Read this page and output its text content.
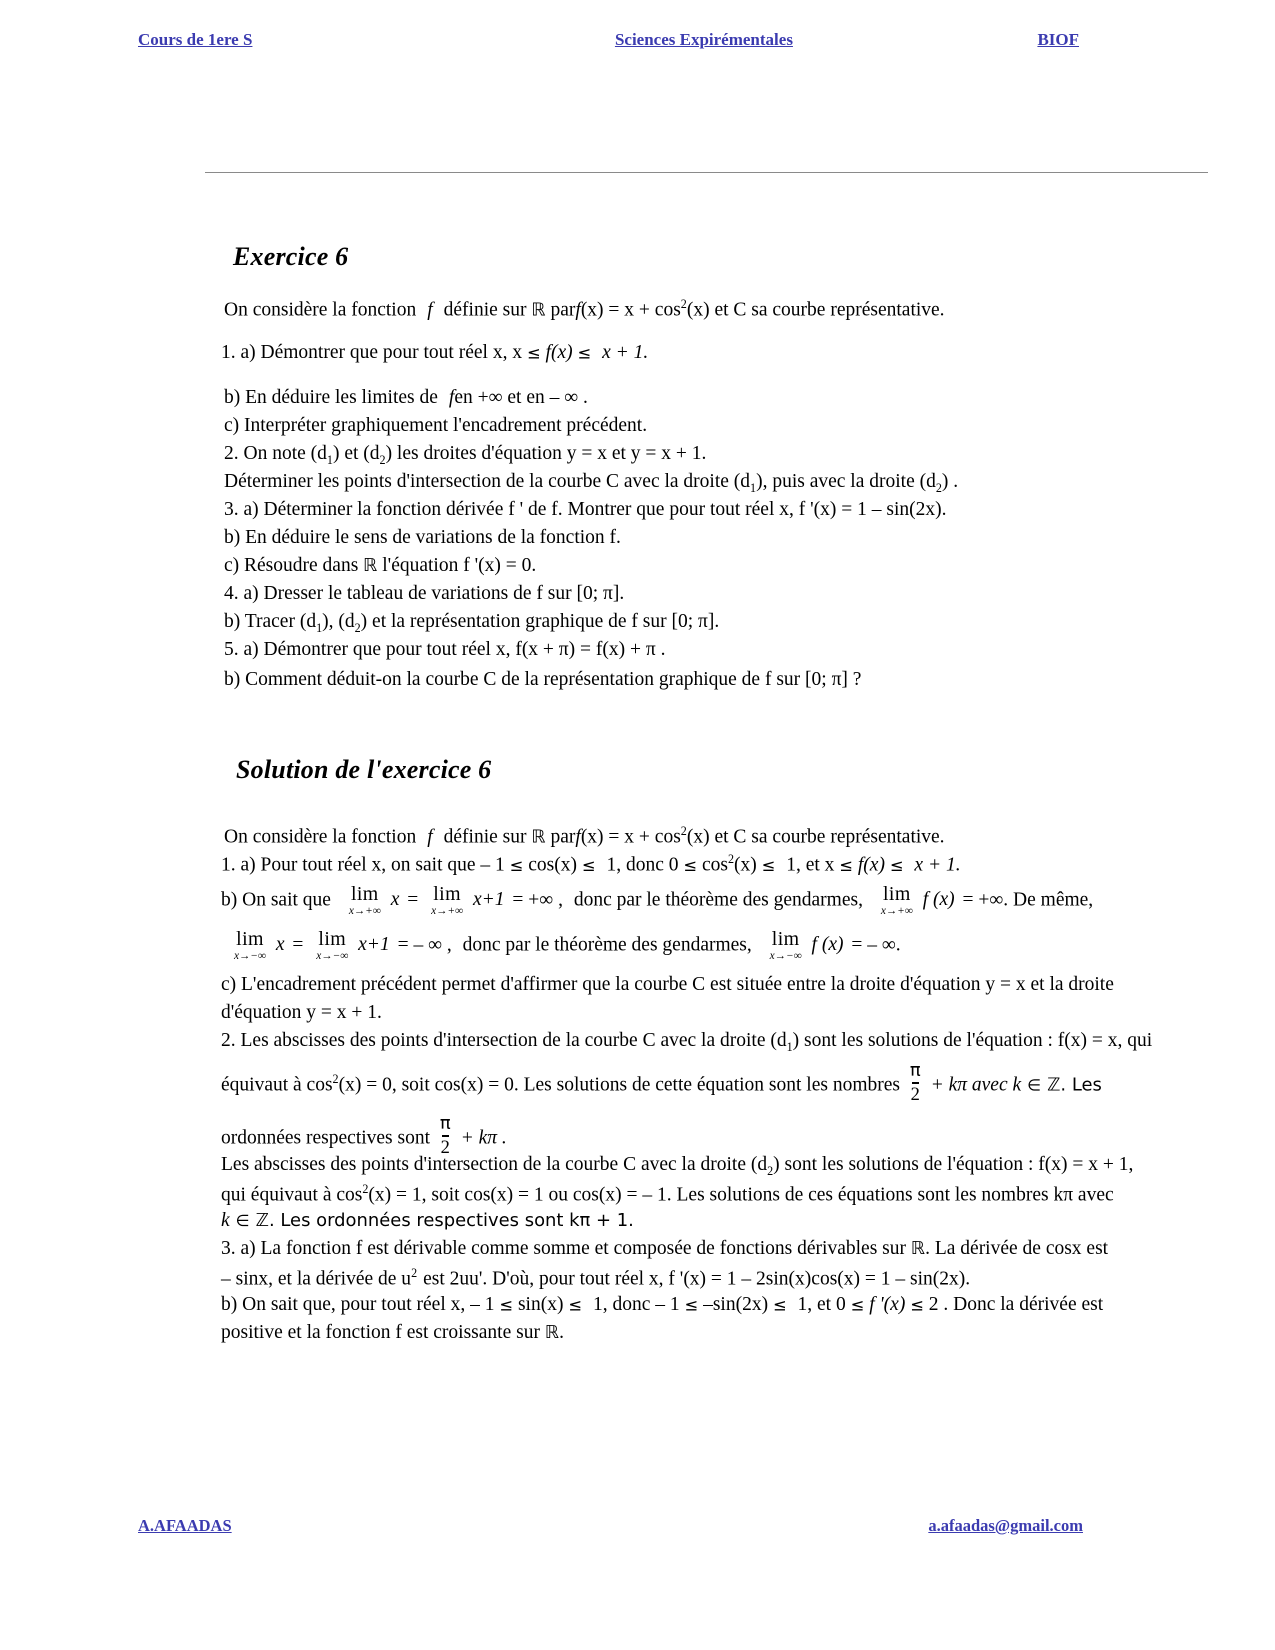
Cours de 1ere S	Sciences Expirémentales	BIOF
Exercice 6
On considère la fonction f définie sur ℝ parf(x) = $x + \cos^2(x)$ et C sa courbe représentative.
1. a) Démontrer que pour tout réel x, x ≤ f(x) ≤ x + 1.
b) En déduire les limites de fen +∞ et en – ∞ .
c) Interpréter graphiquement l'encadrement précédent.
2. On note $(d_1)$ et $(d_2)$ les droites d'équation y = x et y = x + 1.
Déterminer les points d'intersection de la courbe C avec la droite $(d_1)$, puis avec la droite $(d_2)$ .
3. a) Déterminer la fonction dérivée f ' de f. Montrer que pour tout réel x, f '(x) = 1 – sin(2x).
b) En déduire le sens de variations de la fonction f.
c) Résoudre dans ℝ l'équation f '(x) = 0.
4. a) Dresser le tableau de variations de f sur [0; π].
b) Tracer $(d_1)$, $(d_2)$ et la représentation graphique de f sur [0; π].
5. a) Démontrer que pour tout réel x, f(x + π) = f(x) + π .
b) Comment déduit-on la courbe C de la représentation graphique de f sur [0; π] ?
Solution de l'exercice 6
On considère la fonction f définie sur ℝ parf(x) = $x + \cos^2(x)$ et C sa courbe représentative.
1. a) Pour tout réel x, on sait que – 1 ≤ cos(x) ≤ 1, donc $0 \le \cos^2(x) \le 1$, et x ≤ f(x) ≤ x + 1.
b) On sait que lim
x→+∞
x = lim
x→+∞
x+1 = +∞ , donc par le théorème des gendarmes, lim
x→+∞
f (x) = +∞. De même,
lim
x→−∞
x = lim
x→−∞
x+1 = – ∞ , donc par le théorème des gendarmes, lim
x→−∞
f (x) = – ∞.
c) L'encadrement précédent permet d'affirmer que la courbe C est située entre la droite d'équation y = x et la droite
d'équation y = x + 1.
2. Les abscisses des points d'intersection de la courbe C avec la droite $(d_1)$ sont les solutions de l'équation : f(x) = x, qui
équivaut à $\cos^2(x) = 0$, soit cos(x) = 0. Les solutions de cette équation sont les nombres $\frac{\pi}{2} + k\pi$ avec k ∈ ℤ. Les
ordonnées respectives sont $\frac{\pi}{2} + k\pi$ .
Les abscisses des points d'intersection de la courbe C avec la droite $(d_2)$ sont les solutions de l'équation : f(x) = x + 1,
qui équivaut à $\cos^2(x) = 1$, soit cos(x) = 1 ou cos(x) = – 1. Les solutions de ces équations sont les nombres kπ avec
k ∈ ℤ. Les ordonnées respectives sont kπ + 1.
3. a) La fonction f est dérivable comme somme et composée de fonctions dérivables sur ℝ. La dérivée de cosx est
– sinx, et la dérivée de $u^2$ est 2uu'. D'où, pour tout réel x, f '(x) = 1 – 2sin(x)cos(x) = 1 – sin(2x).
b) On sait que, pour tout réel x, – 1 ≤ sin(x) ≤ 1, donc – 1 ≤ –sin(2x) ≤ 1, et 0 ≤ f '(x) ≤ 2 . Donc la dérivée est
positive et la fonction f est croissante sur ℝ.
A.AFAADAS	a.afaadas@gmail.com
